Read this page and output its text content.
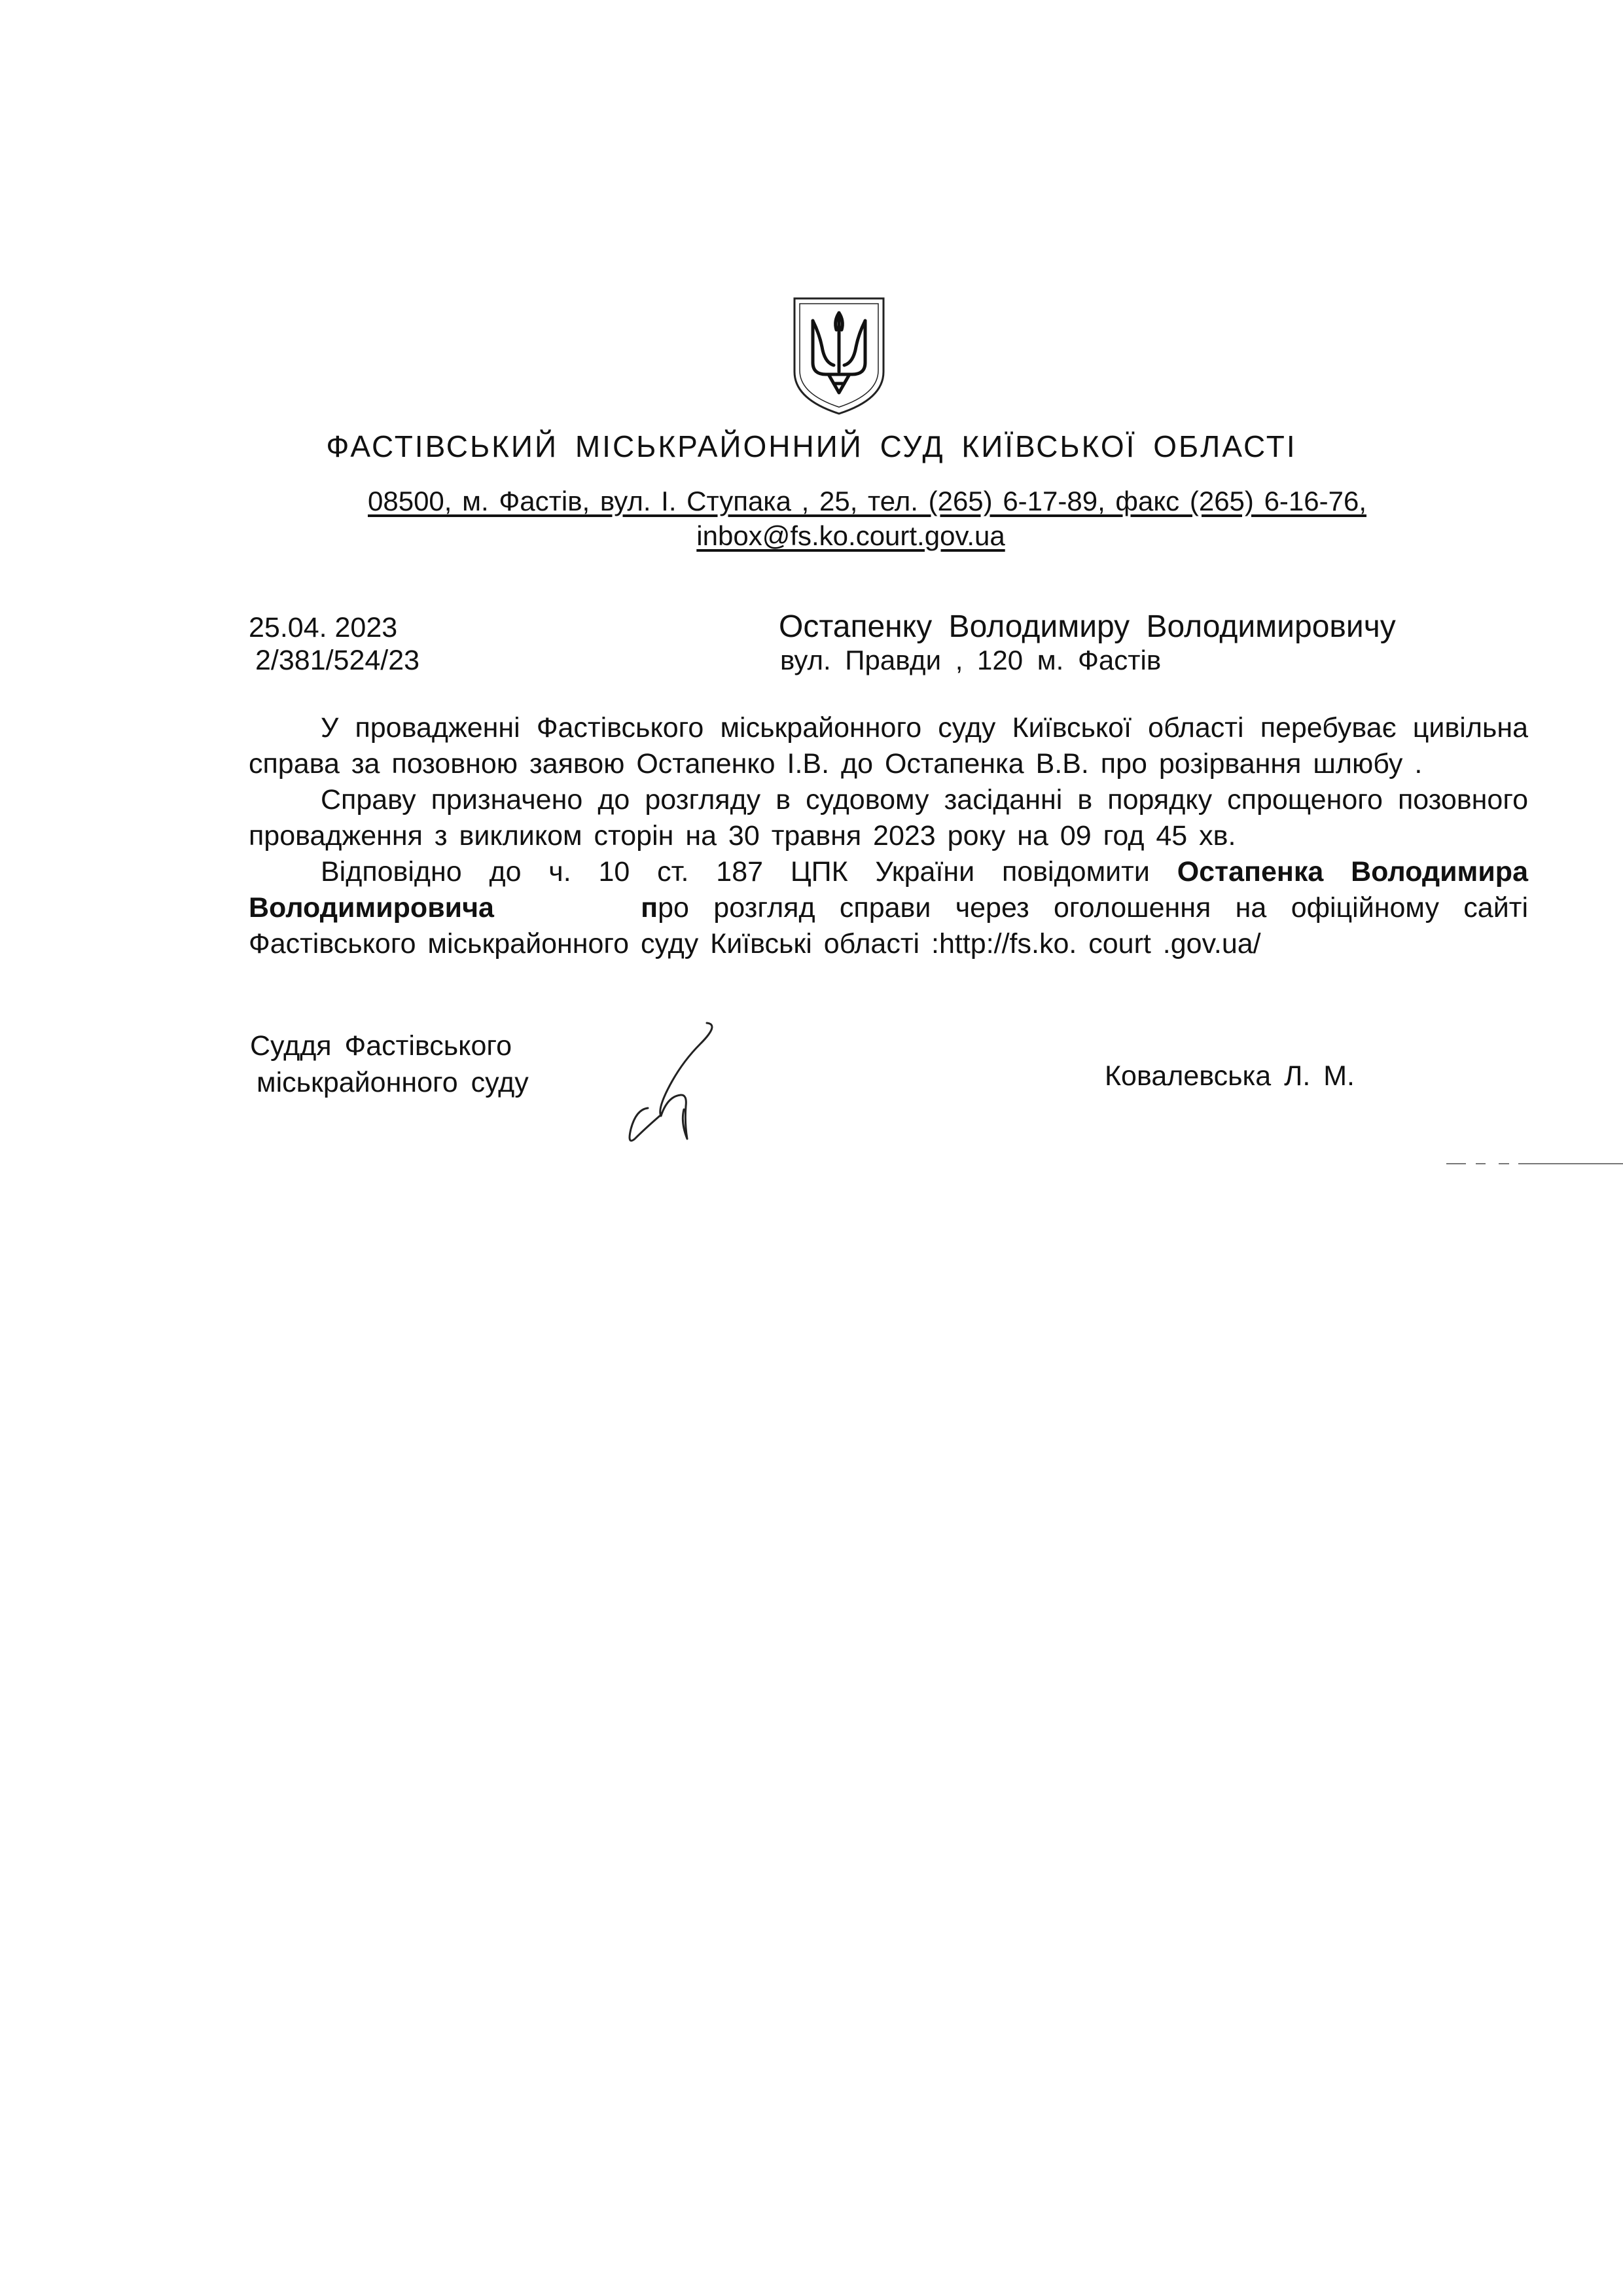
ФАСТІВСЬКИЙ МІСЬКРАЙОННИЙ СУД КИЇВСЬКОЇ ОБЛАСТІ
08500, м. Фастів, вул. І. Ступака , 25, тел. (265) 6-17-89, факс (265) 6-16-76,
inbox@fs.ko.court.gov.ua
25.04. 2023
2/381/524/23
Остапенку Володимиру Володимировичу
вул. Правди , 120 м. Фастів

У провадженні Фастівського міськрайонного суду Київської області перебуває цивільна справа за позовною заявою Остапенко І.В. до Остапенка В.В. про розірвання шлюбу .

Справу призначено до розгляду в судовому засіданні в порядку спрощеного позовного провадження з викликом сторін на 30 травня 2023 року на 09 год 45 хв.

Відповідно до ч. 10 ст. 187 ЦПК України повідомити Остапенка Володимира Володимировича	про розгляд справи через оголошення на офіційному сайті Фастівського міськрайонного суду Київські області :http://fs.ko. court .gov.ua/

Суддя Фастівського
міськрайонного суду	Ковалевська Л. М.
